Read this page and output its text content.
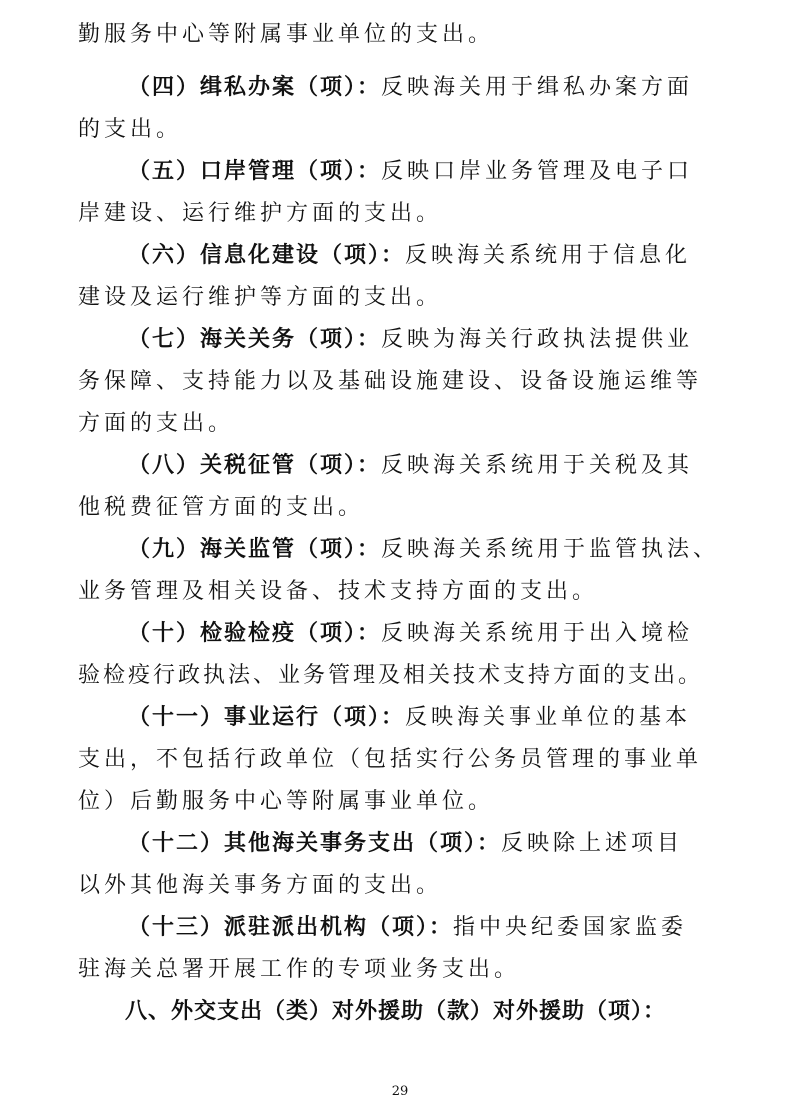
勤服务中心等附属事业单位的支出。
（四）缉私办案（项）：反映海关用于缉私办案方面
的支出。
（五）口岸管理（项）：反映口岸业务管理及电子口
岸建设、运行维护方面的支出。
（六）信息化建设（项）：反映海关系统用于信息化
建设及运行维护等方面的支出。
（七）海关关务（项）：反映为海关行政执法提供业
务保障、支持能力以及基础设施建设、设备设施运维等
方面的支出。
（八）关税征管（项）：反映海关系统用于关税及其
他税费征管方面的支出。
（九）海关监管（项）：反映海关系统用于监管执法、
业务管理及相关设备、技术支持方面的支出。
（十）检验检疫（项）：反映海关系统用于出入境检
验检疫行政执法、业务管理及相关技术支持方面的支出。
（十一）事业运行（项）：反映海关事业单位的基本
支出，不包括行政单位（包括实行公务员管理的事业单
位）后勤服务中心等附属事业单位。
（十二）其他海关事务支出（项）：反映除上述项目
以外其他海关事务方面的支出。
（十三）派驻派出机构（项）：指中央纪委国家监委
驻海关总署开展工作的专项业务支出。
八、外交支出（类）对外援助（款）对外援助（项）：
29
